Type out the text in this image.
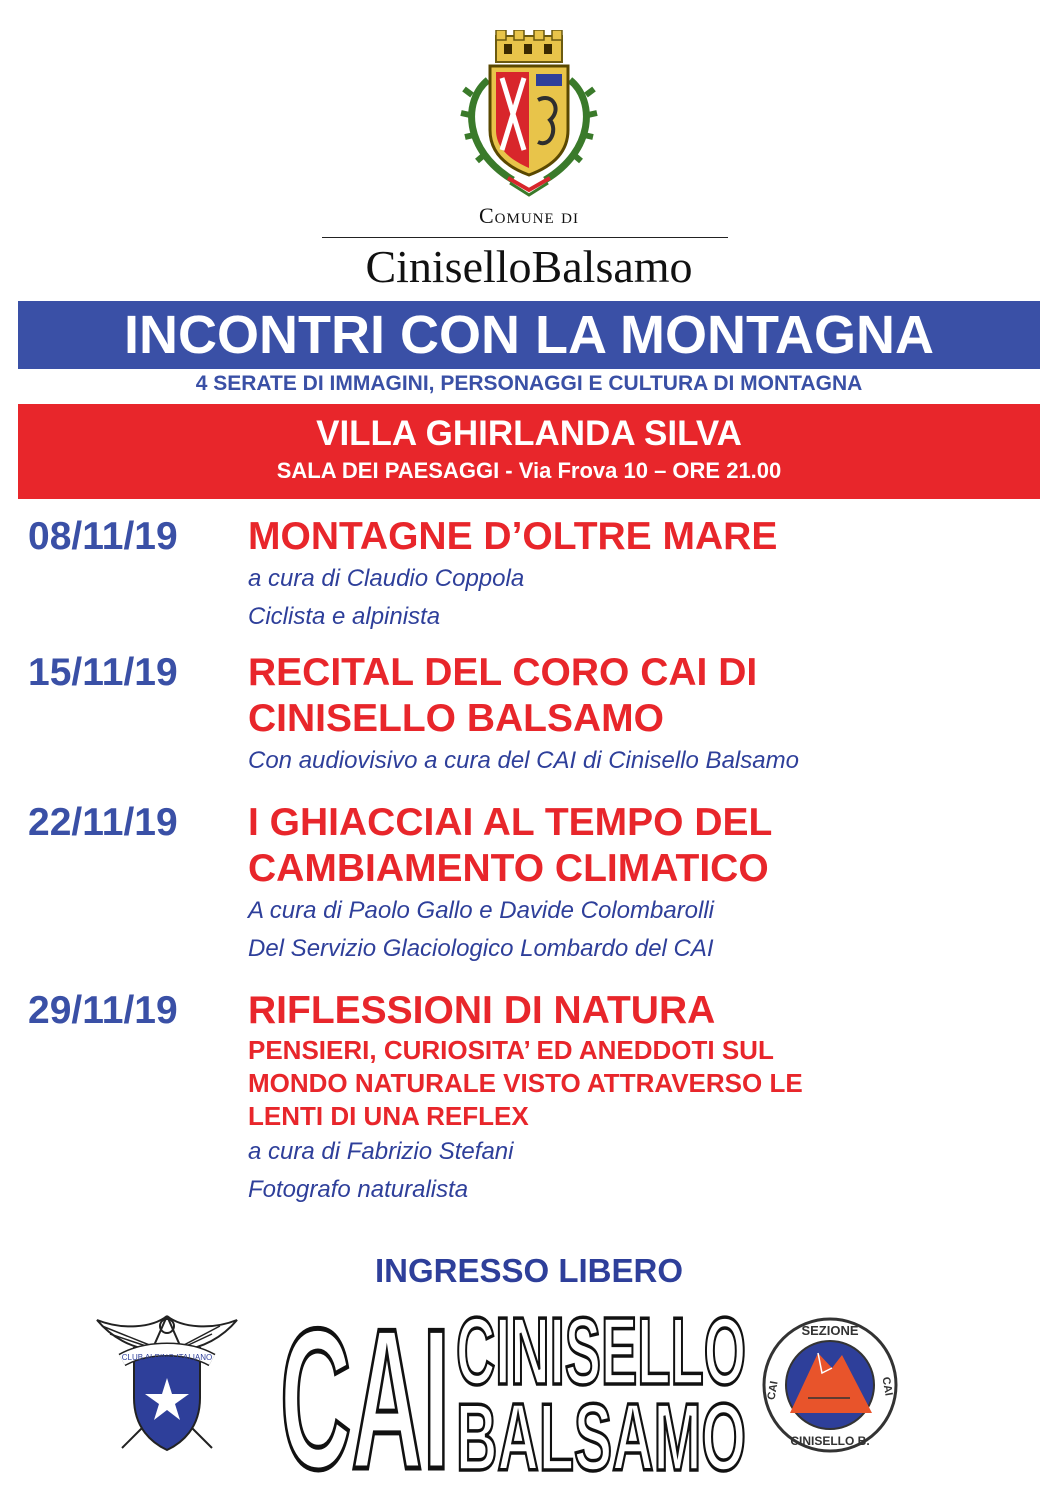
Comune di
CiniselloBalsamo
INCONTRI CON LA MONTAGNA
4 SERATE DI IMMAGINI, PERSONAGGI E CULTURA DI MONTAGNA
VILLA GHIRLANDA SILVA
SALA DEI PAESAGGI - Via Frova 10 – ORE 21.00
08/11/19 MONTAGNE D’OLTRE MARE
a cura di Claudio Coppola
Ciclista e alpinista
15/11/19 RECITAL DEL CORO CAI DI
CINISELLO BALSAMO
Con audiovisivo a cura del CAI di Cinisello Balsamo
22/11/19 I GHIACCIAI AL TEMPO DEL
CAMBIAMENTO CLIMATICO
A cura di Paolo Gallo e Davide Colombarolli
Del Servizio Glaciologico Lombardo del CAI
29/11/19 RIFLESSIONI DI NATURA
PENSIERI, CURIOSITA’ ED ANEDDOTI SUL
MONDO NATURALE VISTO ATTRAVERSO LE
LENTI DI UNA REFLEX
a cura di Fabrizio Stefani
Fotografo naturalista
INGRESSO LIBERO
CLUB ALPINO ITALIANO CAI CINISELLO
BALSAMO
SEZIONE
CAI	CAI
CINISELLO B.
